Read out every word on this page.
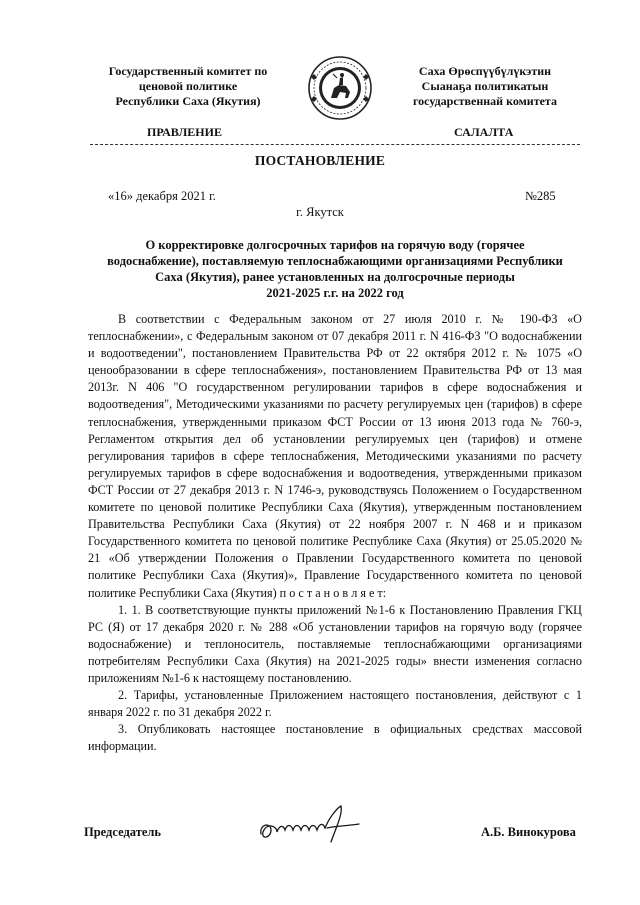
Государственный комитет по
ценовой политике
Республики Саха (Якутия)
Саха Өрөспүүбүлүкэтин
Сыанаҕа политикатын
государственнай комитета
ПРАВЛЕНИЕ	САЛАЛТА
ПОСТАНОВЛЕНИЕ
«16» декабря 2021 г.	№285
г. Якутск
О корректировке долгосрочных тарифов на горячую воду (горячее
водоснабжение), поставляемую теплоснабжающими организациями Республики
Саха (Якутия), ранее установленных на долгосрочные периоды
2021-2025 г.г. на 2022 год

В соответствии с Федеральным законом от 27 июля 2010 г. № 190-ФЗ «О теплоснабжении», с Федеральным законом от 07 декабря 2011 г. N 416-ФЗ "О водоснабжении и водоотведении", постановлением Правительства РФ от 22 октября 2012 г. № 1075 «О ценообразовании в сфере теплоснабжения», постановлением Правительства РФ от 13 мая 2013г. N 406 "О государственном регулировании тарифов в сфере водоснабжения и водоотведения", Методическими указаниями по расчету регулируемых цен (тарифов) в сфере теплоснабжения, утвержденными приказом ФСТ России от 13 июня 2013 года № 760-э, Регламентом открытия дел об установлении регулируемых цен (тарифов) и отмене регулирования тарифов в сфере теплоснабжения, Методическими указаниями по расчету регулируемых тарифов в сфере водоснабжения и водоотведения, утвержденными приказом ФСТ России от 27 декабря 2013 г. N 1746-э, руководствуясь Положением о Государственном комитете по ценовой политике Республики Саха (Якутия), утвержденным постановлением Правительства Республики Саха (Якутия) от 22 ноября 2007 г. N 468 и и приказом Государственного комитета по ценовой политике Республике Саха (Якутия) от 25.05.2020 № 21 «Об утверждении Положения о Правлении Государственного комитета по ценовой политике Республики Саха (Якутия)», Правление Государственного комитета по ценовой политике Республики Саха (Якутия) п о с т а н о в л я е т:

1. 1. В соответствующие пункты приложений №1-6 к Постановлению Правления ГКЦ РС (Я) от 17 декабря 2020 г. № 288 «Об установлении тарифов на горячую воду (горячее водоснабжение) и теплоноситель, поставляемые теплоснабжающими организациями потребителям Республики Саха (Якутия) на 2021-2025 годы» внести изменения согласно приложениям №1-6 к настоящему постановлению.

2. Тарифы, установленные Приложением настоящего постановления, действуют с 1 января 2022 г. по 31 декабря 2022 г.

3. Опубликовать настоящее постановление в официальных средствах массовой информации.

Председатель	А.Б. Винокурова
